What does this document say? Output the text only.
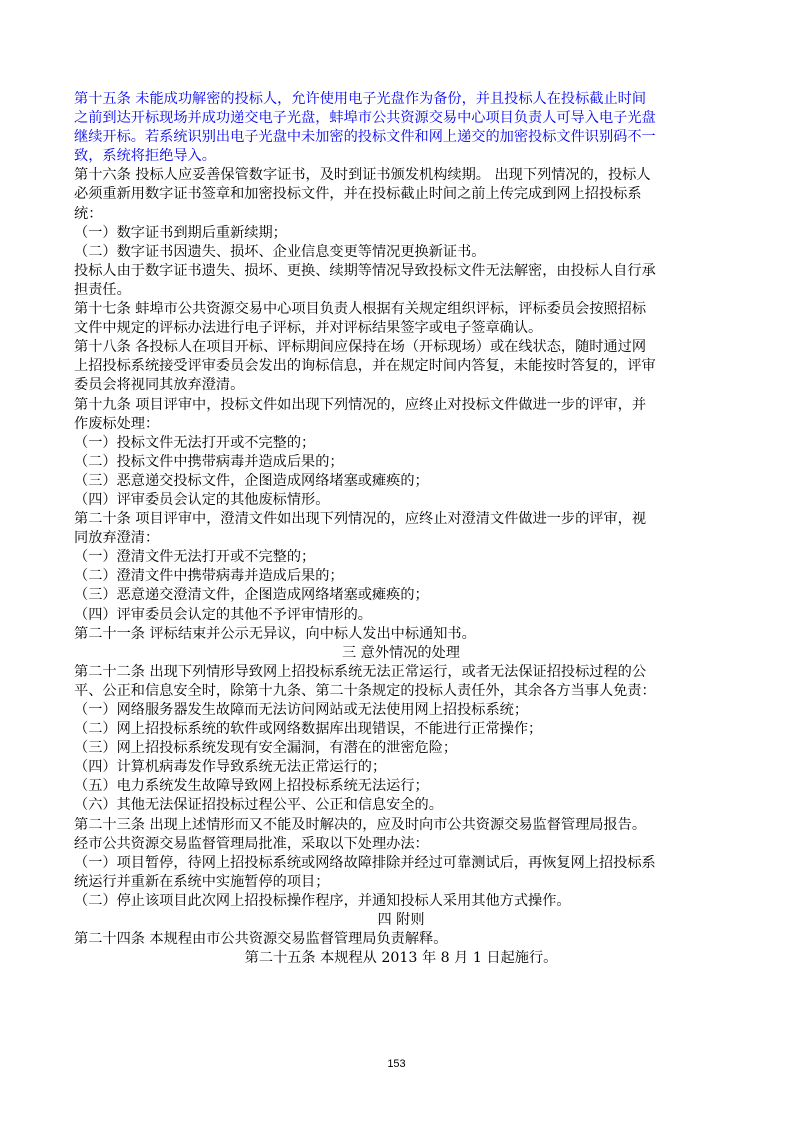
第十五条 未能成功解密的投标人，允许使用电子光盘作为备份，并且投标人在投标截止时间
之前到达开标现场并成功递交电子光盘，蚌埠市公共资源交易中心项目负责人可导入电子光盘
继续开标。若系统识别出电子光盘中未加密的投标文件和网上递交的加密投标文件识别码不一
致，系统将拒绝导入。
第十六条 投标人应妥善保管数字证书，及时到证书颁发机构续期。 出现下列情况的，投标人
必须重新用数字证书签章和加密投标文件，并在投标截止时间之前上传完成到网上招投标系
统：
（一）数字证书到期后重新续期；
（二）数字证书因遗失、损坏、企业信息变更等情况更换新证书。
投标人由于数字证书遗失、损坏、更换、续期等情况导致投标文件无法解密，由投标人自行承
担责任。
第十七条 蚌埠市公共资源交易中心项目负责人根据有关规定组织评标，评标委员会按照招标
文件中规定的评标办法进行电子评标，并对评标结果签字或电子签章确认。
第十八条 各投标人在项目开标、评标期间应保持在场（开标现场）或在线状态，随时通过网
上招投标系统接受评审委员会发出的询标信息，并在规定时间内答复，未能按时答复的，评审
委员会将视同其放弃澄清。
第十九条 项目评审中，投标文件如出现下列情况的，应终止对投标文件做进一步的评审，并
作废标处理：
（一）投标文件无法打开或不完整的；
（二）投标文件中携带病毒并造成后果的；
（三）恶意递交投标文件，企图造成网络堵塞或瘫痪的；
（四）评审委员会认定的其他废标情形。
第二十条 项目评审中，澄清文件如出现下列情况的，应终止对澄清文件做进一步的评审，视
同放弃澄清：
（一）澄清文件无法打开或不完整的；
（二）澄清文件中携带病毒并造成后果的；
（三）恶意递交澄清文件，企图造成网络堵塞或瘫痪的；
（四）评审委员会认定的其他不予评审情形的。
第二十一条 评标结束并公示无异议，向中标人发出中标通知书。
三 意外情况的处理
第二十二条 出现下列情形导致网上招投标系统无法正常运行，或者无法保证招投标过程的公
平、公正和信息安全时，除第十九条、第二十条规定的投标人责任外，其余各方当事人免责：
（一）网络服务器发生故障而无法访问网站或无法使用网上招投标系统；
（二）网上招投标系统的软件或网络数据库出现错误，不能进行正常操作；
（三）网上招投标系统发现有安全漏洞，有潜在的泄密危险；
（四）计算机病毒发作导致系统无法正常运行的；
（五）电力系统发生故障导致网上招投标系统无法运行；
（六）其他无法保证招投标过程公平、公正和信息安全的。
第二十三条 出现上述情形而又不能及时解决的，应及时向市公共资源交易监督管理局报告。
经市公共资源交易监督管理局批准，采取以下处理办法：
（一）项目暂停，待网上招投标系统或网络故障排除并经过可靠测试后，再恢复网上招投标系
统运行并重新在系统中实施暂停的项目；
（二）停止该项目此次网上招投标操作程序，并通知投标人采用其他方式操作。
四 附则
第二十四条 本规程由市公共资源交易监督管理局负责解释。
第二十五条 本规程从 2013 年 8 月 1 日起施行。
153
